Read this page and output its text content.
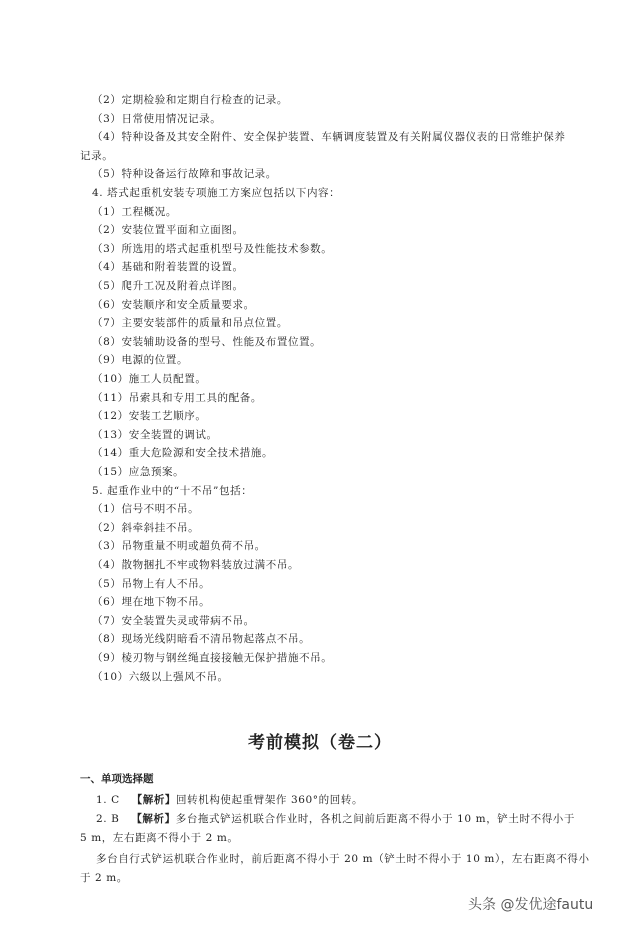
（2）定期检验和定期自行检查的记录。
（3）日常使用情况记录。
（4）特种设备及其安全附件、安全保护装置、车辆调度装置及有关附属仪器仪表的日常维护保养
记录。
（5）特种设备运行故障和事故记录。
4. 塔式起重机安装专项施工方案应包括以下内容：
（1）工程概况。
（2）安装位置平面和立面图。
（3）所选用的塔式起重机型号及性能技术参数。
（4）基础和附着装置的设置。
（5）爬升工况及附着点详图。
（6）安装顺序和安全质量要求。
（7）主要安装部件的质量和吊点位置。
（8）安装辅助设备的型号、性能及布置位置。
（9）电源的位置。
（10）施工人员配置。
（11）吊索具和专用工具的配备。
（12）安装工艺顺序。
（13）安全装置的调试。
（14）重大危险源和安全技术措施。
（15）应急预案。
5. 起重作业中的“十不吊”包括：
（1）信号不明不吊。
（2）斜牵斜挂不吊。
（3）吊物重量不明或超负荷不吊。
（4）散物捆扎不牢或物料装放过满不吊。
（5）吊物上有人不吊。
（6）埋在地下物不吊。
（7）安全装置失灵或带病不吊。
（8）现场光线阴暗看不清吊物起落点不吊。
（9）棱刃物与钢丝绳直接接触无保护措施不吊。
（10）六级以上强风不吊。
考前模拟（卷二）
一、单项选择题
1. C 【解析】回转机构使起重臂架作 360°的回转。
2. B 【解析】多台拖式铲运机联合作业时，各机之间前后距离不得小于 10 m，铲土时不得小于
5 m，左右距离不得小于 2 m。
多台自行式铲运机联合作业时，前后距离不得小于 20 m（铲土时不得小于 10 m），左右距离不得小
于 2 m。
头条 @发优途fautu
